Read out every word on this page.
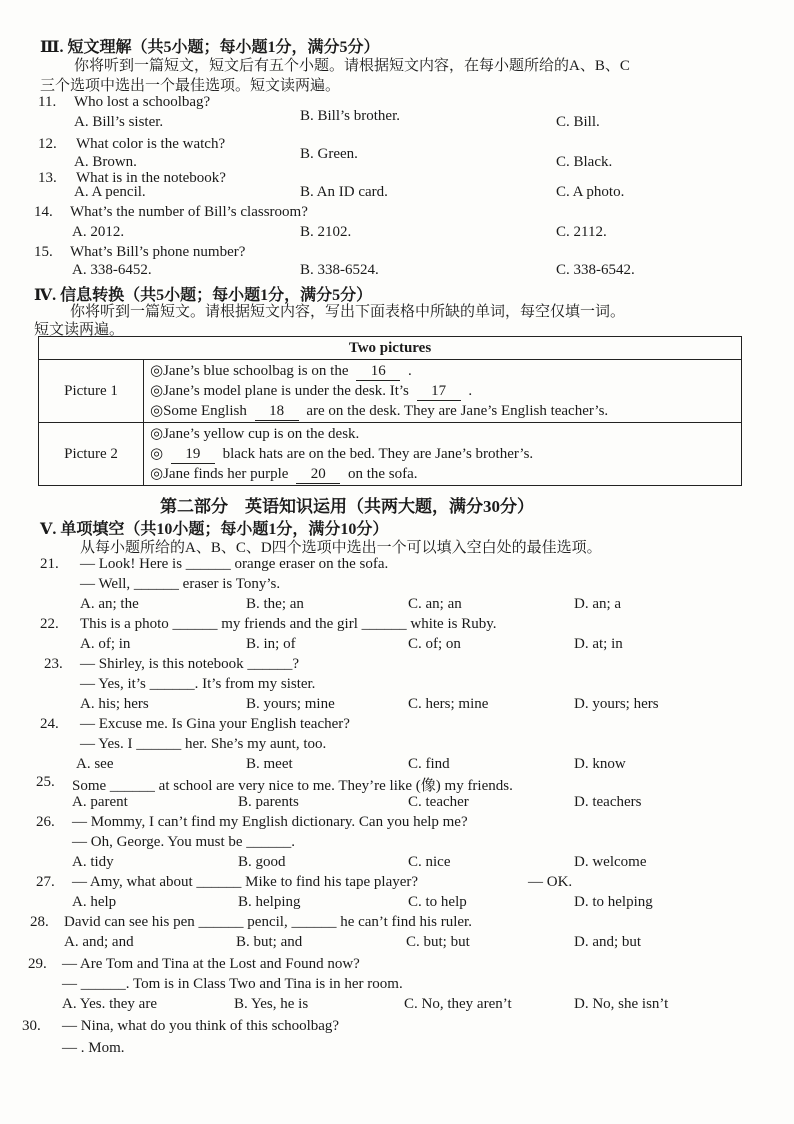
Ⅲ. 短文理解（共5小题；每小题1分，满分5分）
你将听到一篇短文，短文后有五个小题。请根据短文内容，在每小题所给的A、B、C
三个选项中选出一个最佳选项。短文读两遍。
11. Who lost a schoolbag?
A. Bill’s sister.	B. Bill’s brother.	C. Bill.
12. What color is the watch?
A. Brown.	B. Green.	C. Black.
13. What is in the notebook?
A. A pencil.	B. An ID card.	C. A photo.
14. What’s the number of Bill’s classroom?
A. 2012.	B. 2102.	C. 2112.
15. What’s Bill’s phone number?
A. 338-6452.	B. 338-6524.	C. 338-6542.
Ⅳ. 信息转换（共5小题；每小题1分，满分5分）
你将听到一篇短文。请根据短文内容，写出下面表格中所缺的单词，每空仅填一词。
短文读两遍。
Two pictures	
Picture 1	◎Jane’s blue schoolbag is on the 16 .
◎Jane’s model plane is under the desk. It’s 17 .
◎Some English 18 are on the desk. They are Jane’s English teacher’s.

Picture 2	◎Jane’s yellow cup is on the desk.
◎ 19 black hats are on the bed. They are Jane’s brother’s.
◎Jane finds her purple 20 on the sofa.
第二部分　英语知识运用（共两大题，满分30分）
Ⅴ. 单项填空（共10小题；每小题1分，满分10分）
从每小题所给的A、B、C、D四个选项中选出一个可以填入空白处的最佳选项。
21. — Look! Here is ______ orange eraser on the sofa.
— Well, ______ eraser is Tony’s.
A. an; the	B. the; an	C. an; an	D. an; a
22. This is a photo ______ my friends and the girl ______ white is Ruby.
A. of; in	B. in; of	C. of; on	D. at; in
23. — Shirley, is this notebook ______?
— Yes, it’s ______. It’s from my sister.
A. his; hers	B. yours; mine	C. hers; mine	D. yours; hers
24. — Excuse me. Is Gina your English teacher?
— Yes. I ______ her. She’s my aunt, too.
A. see	B. meet	C. find	D. know
25. Some ______ at school are very nice to me. They’re like (像) my friends.
A. parent	B. parents	C. teacher	D. teachers
26. — Mommy, I can’t find my English dictionary. Can you help me?
— Oh, George. You must be ______.
A. tidy	B. good	C. nice	D. welcome
27. — Amy, what about ______ Mike to find his tape player?	— OK.
A. help	B. helping	C. to help	D. to helping
28. David can see his pen ______ pencil, ______ he can’t find his ruler.
A. and; and	B. but; and	C. but; but	D. and; but
29. — Are Tom and Tina at the Lost and Found now?
— ______. Tom is in Class Two and Tina is in her room.
A. Yes. they are	B. Yes, he is	C. No, they aren’t	D. No, she isn’t
30. — Nina, what do you think of this schoolbag?
— . Mom.
